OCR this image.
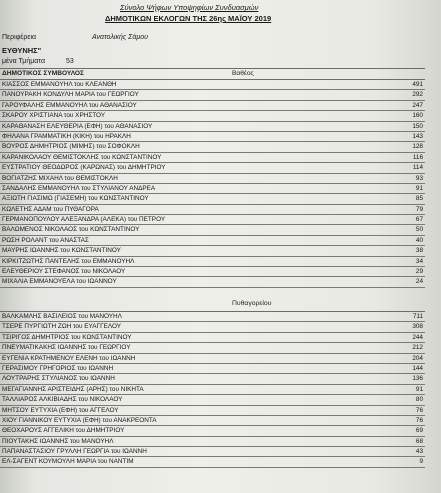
Σύνολο Ψήφων Υποψηφίων Συνδυασμών
ΔΗΜΟΤΙΚΩΝ ΕΚΛΟΓΩΝ ΤΗΣ 26ης ΜΑΪΟΥ 2019
Περιφέρεια	Ανατολικής Σάμου
ΕΥΘΥΝΗΣ"
μένα Τμήματα	53
ΔΗΜΟΤΙΚΟΣ ΣΥΜΒΟΥΛΟΣ	Βαθέος
ΚΙΑΣΣΟΣ ΕΜΜΑΝΟΥΗΛ του ΚΛΕΑΝΘΗ	491
ΠΑΝΟΥΡΑΚΗ ΚΟΝΔΥΛΗ ΜΑΡΙΑ του ΓΕΩΡΓΙΟΥ	292
ΓΑΡΟΥΦΑΛΗΣ ΕΜΜΑΝΟΥΗΛ του ΑΘΑΝΑΣΙΟΥ	247
ΣΚΑΡΟΥ ΧΡΙΣΤΙΑΝΑ του ΧΡΗΣΤΟΥ	160
ΚΑΡΑΘΑΝΑΣΗ ΕΛΕΥΘΕΡΙΑ (ΕΦΗ) του ΑΘΑΝΑΣΙΟΥ	150
ΦΗΛΑΝΑ ΓΡΑΜΜΑΤΙΚΗ (ΚΙΚΗ) του ΗΡΑΚΛΗ	143
ΒΟΥΡΟΣ ΔΗΜΗΤΡΙΟΣ (ΜΙΜΗΣ) του ΣΟΦΟΚΛΗ	128
ΚΑΡΑΝΙΚΟΛΑΟΥ ΘΕΜΙΣΤΟΚΛΗΣ του ΚΩΝΣΤΑΝΤΙΝΟΥ	116
ΕΥΣΤΡΑΤΙΟΥ ΘΕΟΔΩΡΟΣ (ΚΑΡΩΝΑΣ) του ΔΗΜΗΤΡΙΟΥ	114
ΒΟΓΙΑΤΖΗΣ ΜΙΧΑΗΛ του ΘΕΜΙΣΤΟΚΛΗ	93
ΣΑΝΔΑΛΗΣ ΕΜΜΑΝΟΥΗΛ του ΣΤΥΛΙΑΝΟΥ ΑΝΔΡΕΑ	91
ΑΞΙΩΤΗ ΓΙΑΣΙΜΩ (ΓΙΑΣΕΜΗ) του ΚΩΝΣΤΑΝΤΙΝΟΥ	85
ΚΩΛΕΤΗΣ ΑΔΑΜ του ΠΥΘΑΓΟΡΑ	79
ΓΕΡΜΑΝΟΠΟΥΛΟΥ ΑΛΕΞΑΝΔΡΑ (ΑΛΕΚΑ) του ΠΕΤΡΟΥ	67
ΒΑΛΩΜΕΝΟΣ ΝΙΚΟΛΑΟΣ του ΚΩΝΣΤΑΝΤΙΝΟΥ	50
ΡΩΣΗ ΡΟΛΑΝΤ του ΑΝΑΣΤΑΣ	40
ΜΑΥΡΗΣ ΙΩΑΝΝΗΣ του ΚΩΝΣΤΑΝΤΙΝΟΥ	38
ΚΙΡΚΙΤΖΩΤΗΣ ΠΑΝΤΕΛΗΣ του ΕΜΜΑΝΟΥΗΛ	34
ΕΛΕΥΘΕΡΙΟΥ ΣΤΕΦΑΝΟΣ του ΝΙΚΟΛΑΟΥ	29
ΜΙΧΑΛΙΑ ΕΜΜΑΝΟΥΕΛΑ του ΙΩΑΝΝΟΥ	24
Πυθαγορείου
ΒΑΛΚΑΜΛΗΣ ΒΑΣΙΛΕΙΟΣ του ΜΑΝΟΥΗΛ	711
ΤΣΕΡΕ ΠΥΡΓΙΩΤΗ ΖΩΗ του ΕΥΑΓΓΕΛΟΥ	308
ΤΣΙΡΙΓΟΣ ΔΗΜΗΤΡΙΟΣ του ΚΩΝΣΤΑΝΤΙΝΟΥ	244
ΠΝΕΥΜΑΤΙΚΑΚΗΣ ΙΩΑΝΝΗΣ του ΓΕΩΡΓΙΟΥ	212
ΕΥΓΕΝΙΑ ΚΡΑΤΗΜΕΝΟΥ ΕΛΕΝΗ του ΙΩΑΝΝΗ	204
ΓΕΡΑΣΙΜΟΥ ΓΡΗΓΟΡΙΟΣ του ΙΩΑΝΝΗ	144
ΛΟΥΤΡΑΡΗΣ ΣΤΥΛΙΑΝΟΣ του ΙΩΑΝΝΗ	136
ΜΕΓΑΓΙΑΝΝΗΣ ΑΡΙΣΤΕΙΔΗΣ (ΑΡΗΣ) του ΝΙΚΗΤΑ	91
ΤΑΛΛΙΑΡΟΣ ΑΛΚΙΒΙΑΔΗΣ του ΝΙΚΟΛΑΟΥ	80
ΜΗΤΣΟΥ ΕΥΤΥΧΙΑ (ΕΦΗ) του ΑΓΓΕΛΟΥ	76
ΧΙΟΥ ΓΙΑΝΝΙΚΟΥ ΕΥΤΥΧΙΑ (ΕΦΗ) του ΑΝΑΚΡΕΟΝΤΑ	76
ΘΕΟΧΑΡΟΥΣ ΑΓΓΕΛΙΚΗ του ΔΗΜΗΤΡΙΟΥ	69
ΠΙΟΥΤΑΚΗΣ ΙΩΑΝΝΗΣ του ΜΑΝΟΥΗΛ	68
ΠΑΠΑΝΑΣΤΑΣΙΟΥ ΓΡΥΛΛΗ ΓΕΩΡΓΙΑ του ΙΩΑΝΝΗ	43
ΕΛ-ΣΑΓΕΝΤ ΚΟΥΜΟΥΛΗ ΜΑΡΙΑ του ΝΑΝΤΙΜ	9
